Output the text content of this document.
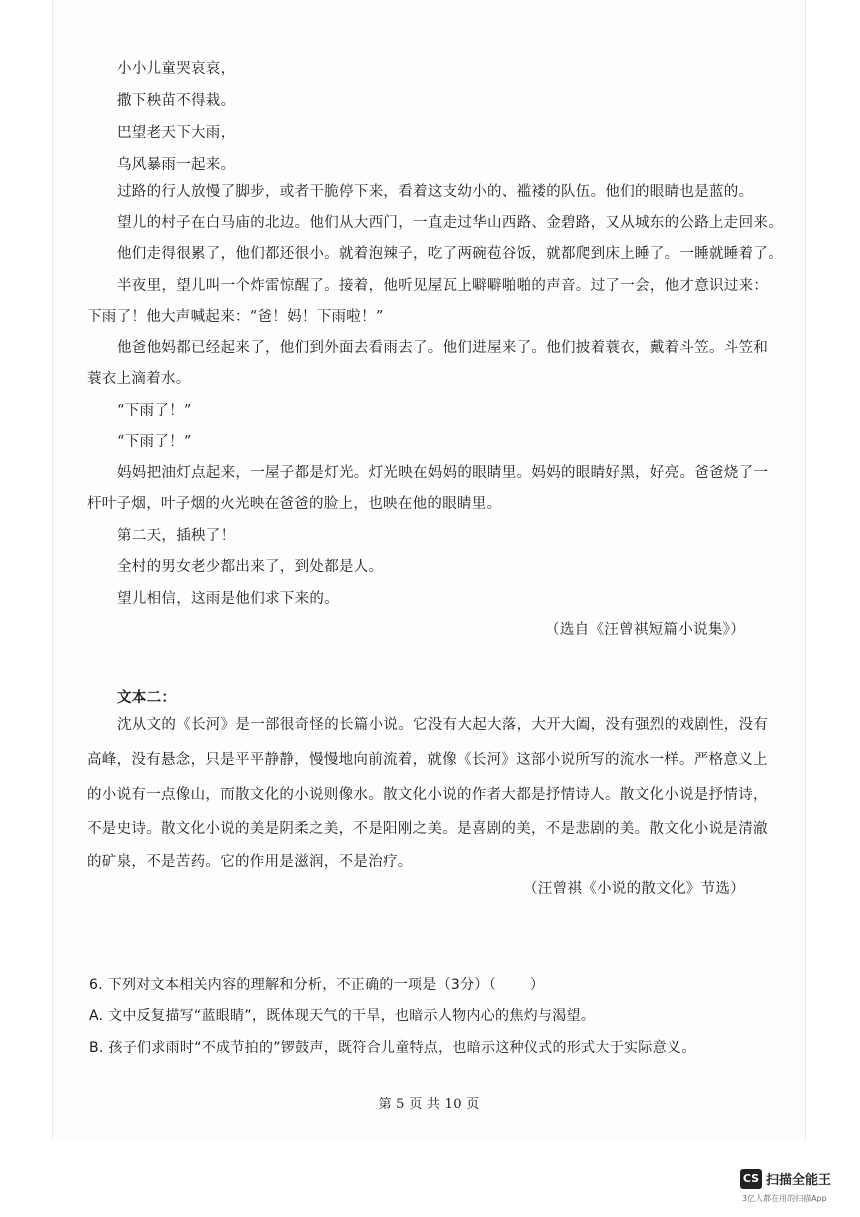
小小儿童哭哀哀，
撒下秧苗不得栽。
巴望老天下大雨，
乌风暴雨一起来。
过路的行人放慢了脚步，或者干脆停下来，看着这支幼小的、褴褛的队伍。他们的眼睛也是蓝的。
望儿的村子在白马庙的北边。他们从大西门，一直走过华山西路、金碧路，又从城东的公路上走回来。
他们走得很累了，他们都还很小。就着泡辣子，吃了两碗苞谷饭，就都爬到床上睡了。一睡就睡着了。
半夜里，望儿叫一个炸雷惊醒了。接着，他听见屋瓦上噼噼啪啪的声音。过了一会，他才意识过来：
下雨了！他大声喊起来：“爸！妈！下雨啦！”
他爸他妈都已经起来了，他们到外面去看雨去了。他们进屋来了。他们披着蓑衣，戴着斗笠。斗笠和
蓑衣上滴着水。
“下雨了！”
“下雨了！”
妈妈把油灯点起来，一屋子都是灯光。灯光映在妈妈的眼睛里。妈妈的眼睛好黑，好亮。爸爸烧了一
杆叶子烟，叶子烟的火光映在爸爸的脸上，也映在他的眼睛里。
第二天，插秧了！
全村的男女老少都出来了，到处都是人。
望儿相信，这雨是他们求下来的。
（选自《汪曾祺短篇小说集》）
文本二：
沈从文的《长河》是一部很奇怪的长篇小说。它没有大起大落，大开大阖，没有强烈的戏剧性，没有
高峰，没有悬念，只是平平静静，慢慢地向前流着，就像《长河》这部小说所写的流水一样。严格意义上
的小说有一点像山，而散文化的小说则像水。散文化小说的作者大都是抒情诗人。散文化小说是抒情诗，
不是史诗。散文化小说的美是阴柔之美，不是阳刚之美。是喜剧的美，不是悲剧的美。散文化小说是清澈
的矿泉，不是苦药。它的作用是滋润，不是治疗。
（汪曾祺《小说的散文化》节选）
6. 下列对文本相关内容的理解和分析，不正确的一项是（3分）（ ）
A. 文中反复描写“蓝眼睛”，既体现天气的干旱，也暗示人物内心的焦灼与渴望。
B. 孩子们求雨时“不成节拍的”锣鼓声，既符合儿童特点，也暗示这种仪式的形式大于实际意义。
第 5 页 共 10 页
CS 扫描全能王
3亿人都在用的扫描App
